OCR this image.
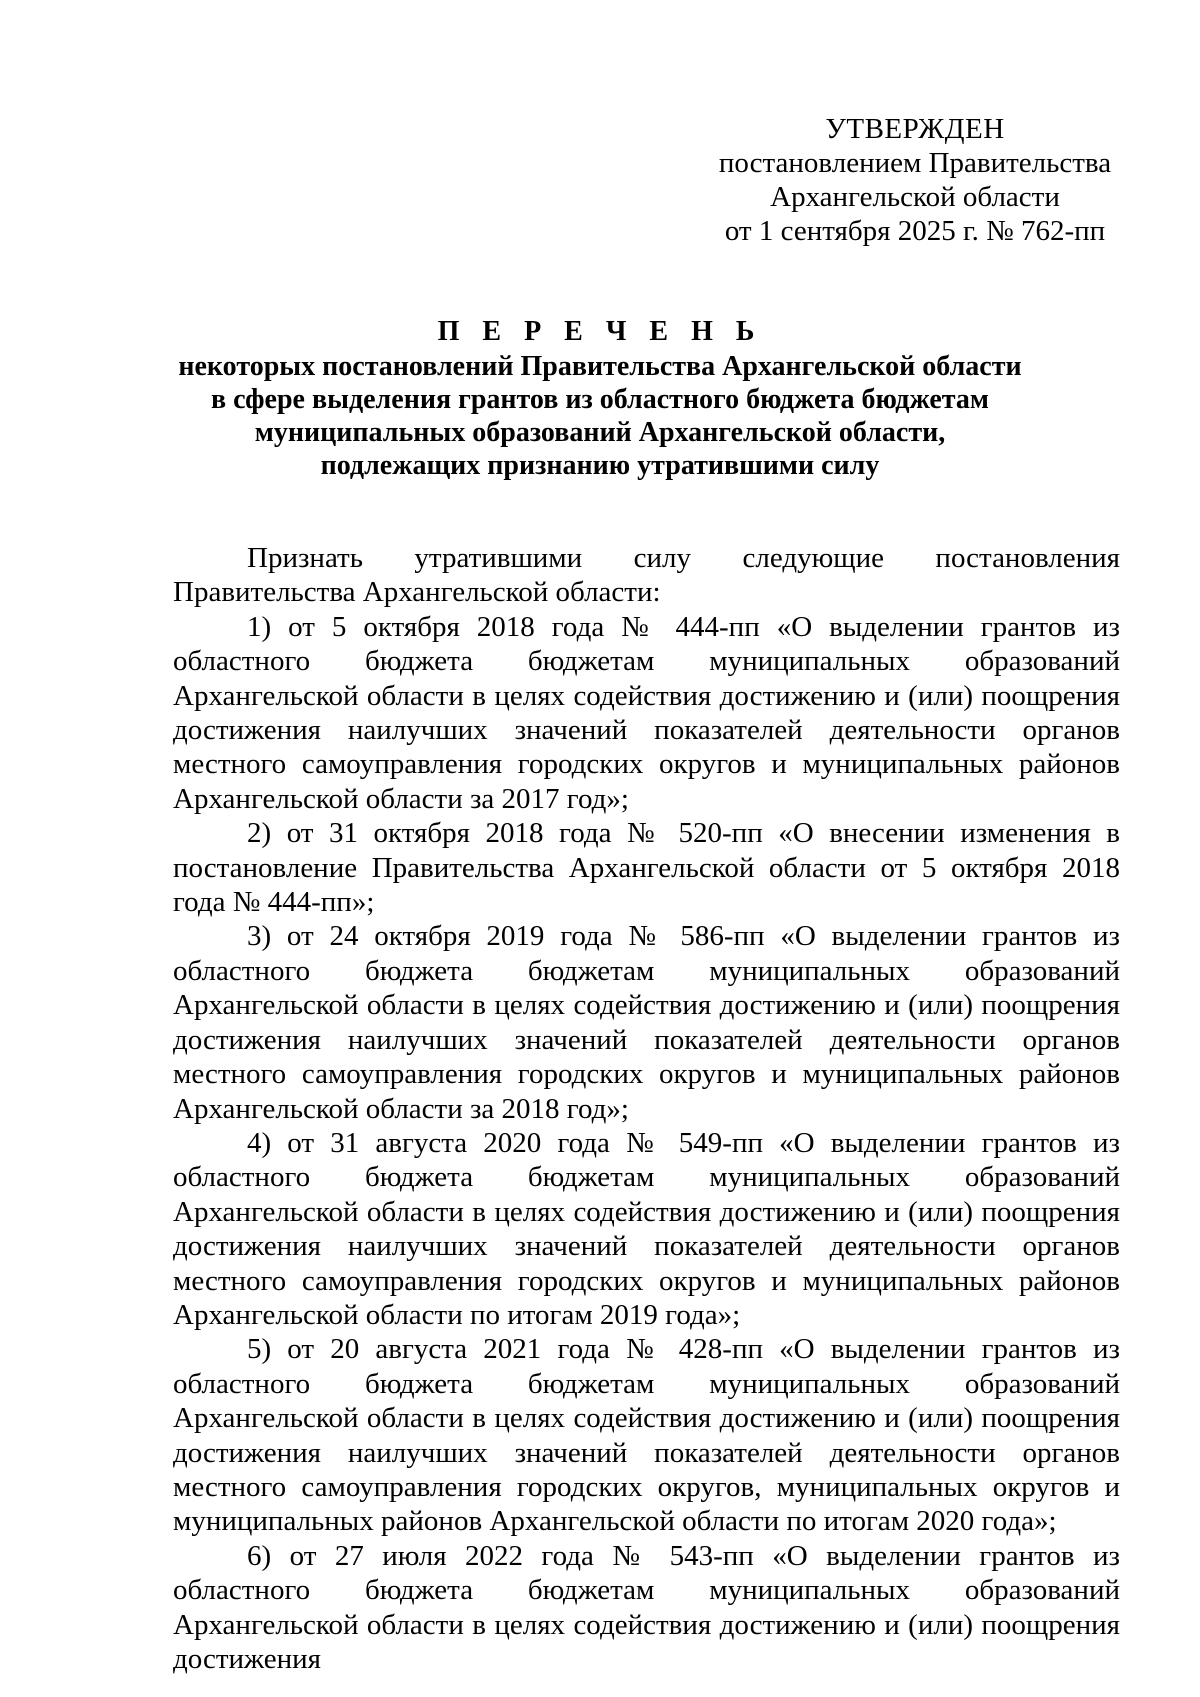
УТВЕРЖДЕН
постановлением Правительства
Архангельской области
от 1 сентября 2025 г. № 762-пп
П Е Р Е Ч Е Н Ь
некоторых постановлений Правительства Архангельской области
в сфере выделения грантов из областного бюджета бюджетам
муниципальных образований Архангельской области,
подлежащих признанию утратившими силу

Признать утратившими силу следующие постановления Правительства Архангельской области:

1) от 5 октября 2018 года № 444-пп «О выделении грантов из областного бюджета бюджетам муниципальных образований Архангельской области в целях содействия достижению и (или) поощрения достижения наилучших значений показателей деятельности органов местного самоуправления городских округов и муниципальных районов Архангельской области за 2017 год»;

2) от 31 октября 2018 года № 520-пп «О внесении изменения в постановление Правительства Архангельской области от 5 октября 2018 года № 444-пп»;

3) от 24 октября 2019 года № 586-пп «О выделении грантов из областного бюджета бюджетам муниципальных образований Архангельской области в целях содействия достижению и (или) поощрения достижения наилучших значений показателей деятельности органов местного самоуправления городских округов и муниципальных районов Архангельской области за 2018 год»;

4) от 31 августа 2020 года № 549-пп «О выделении грантов из областного бюджета бюджетам муниципальных образований Архангельской области в целях содействия достижению и (или) поощрения достижения наилучших значений показателей деятельности органов местного самоуправления городских округов и муниципальных районов Архангельской области по итогам 2019 года»;

5) от 20 августа 2021 года № 428-пп «О выделении грантов из областного бюджета бюджетам муниципальных образований Архангельской области в целях содействия достижению и (или) поощрения достижения наилучших значений показателей деятельности органов местного самоуправления городских округов, муниципальных округов и муниципальных районов Архангельской области по итогам 2020 года»;

6) от 27 июля 2022 года № 543-пп «О выделении грантов из областного бюджета бюджетам муниципальных образований Архангельской области в целях содействия достижению и (или) поощрения достижения
